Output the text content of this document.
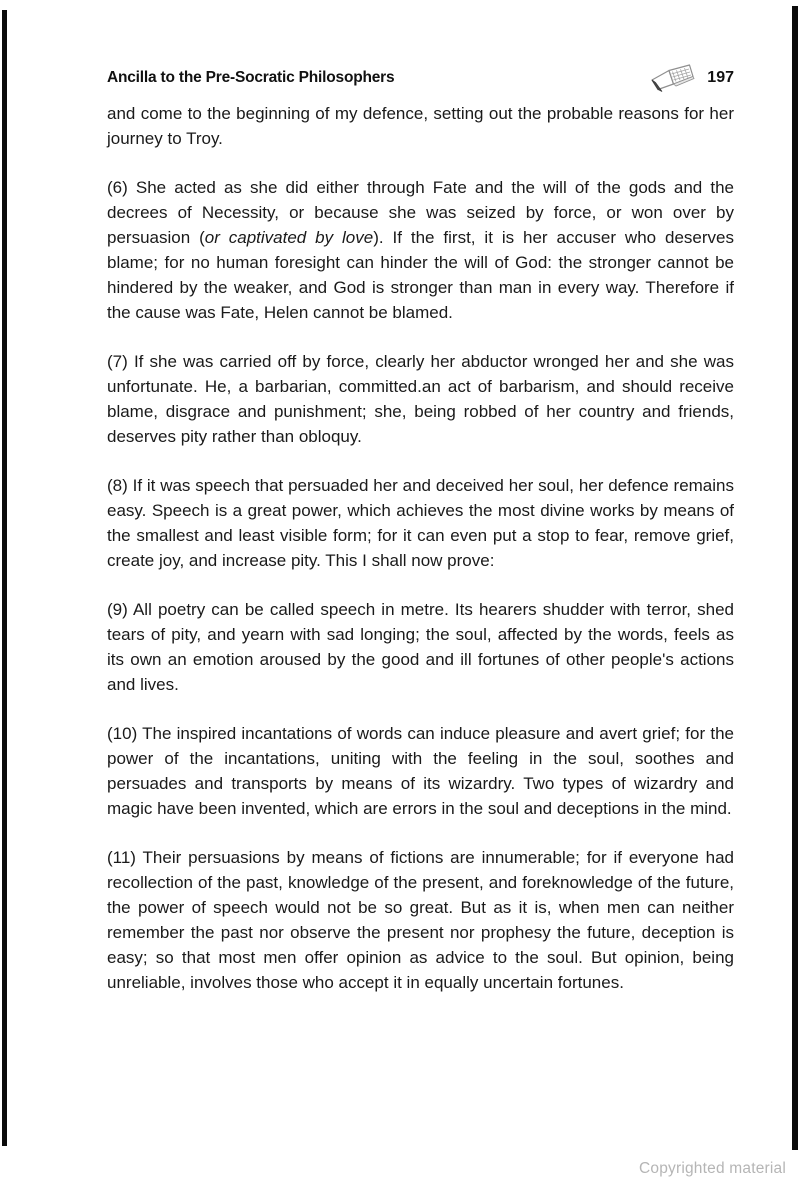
Ancilla to the Pre-Socratic Philosophers	197
and come to the beginning of my defence, setting out the probable reasons for her journey to Troy.
(6) She acted as she did either through Fate and the will of the gods and the decrees of Necessity, or because she was seized by force, or won over by persuasion (or captivated by love). If the first, it is her accuser who deserves blame; for no human foresight can hinder the will of God: the stronger cannot be hindered by the weaker, and God is stronger than man in every way. Therefore if the cause was Fate, Helen cannot be blamed.
(7) If she was carried off by force, clearly her abductor wronged her and she was unfortunate. He, a barbarian, committed.an act of barbarism, and should receive blame, disgrace and punishment; she, being robbed of her country and friends, deserves pity rather than obloquy.
(8) If it was speech that persuaded her and deceived her soul, her defence remains easy. Speech is a great power, which achieves the most divine works by means of the smallest and least visible form; for it can even put a stop to fear, remove grief, create joy, and increase pity. This I shall now prove:
(9) All poetry can be called speech in metre. Its hearers shudder with terror, shed tears of pity, and yearn with sad longing; the soul, affected by the words, feels as its own an emotion aroused by the good and ill fortunes of other people's actions and lives.
(10) The inspired incantations of words can induce pleasure and avert grief; for the power of the incantations, uniting with the feeling in the soul, soothes and persuades and transports by means of its wizardry. Two types of wizardry and magic have been invented, which are errors in the soul and deceptions in the mind.
(11) Their persuasions by means of fictions are innumerable; for if everyone had recollection of the past, knowledge of the present, and foreknowledge of the future, the power of speech would not be so great. But as it is, when men can neither remember the past nor observe the present nor prophesy the future, deception is easy; so that most men offer opinion as advice to the soul. But opinion, being unreliable, involves those who accept it in equally uncertain fortunes.
Copyrighted material
